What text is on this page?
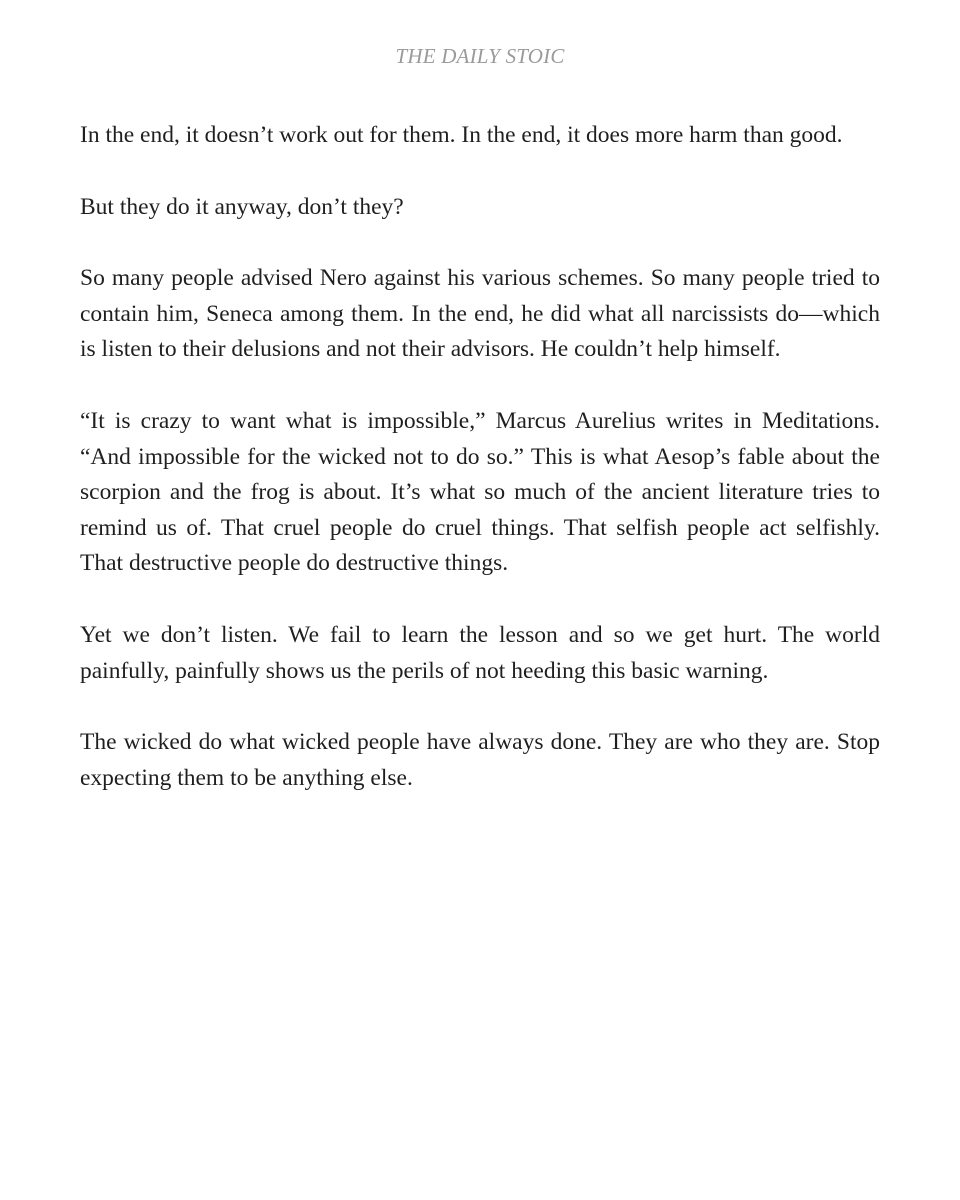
THE DAILY STOIC

In the end, it doesn’t work out for them. In the end, it does more harm than good.

But they do it anyway, don’t they?

So many people advised Nero against his various schemes. So many people tried to contain him, Seneca among them. In the end, he did what all narcissists do—which is listen to their delusions and not their advisors. He couldn’t help himself.

“It is crazy to want what is impossible,” Marcus Aurelius writes in Meditations. “And impossible for the wicked not to do so.” This is what Aesop’s fable about the scorpion and the frog is about. It’s what so much of the ancient literature tries to remind us of. That cruel people do cruel things. That selfish people act selfishly. That destructive people do destructive things.

Yet we don’t listen. We fail to learn the lesson and so we get hurt. The world painfully, painfully shows us the perils of not heeding this basic warning.

The wicked do what wicked people have always done. They are who they are. Stop expecting them to be anything else.
